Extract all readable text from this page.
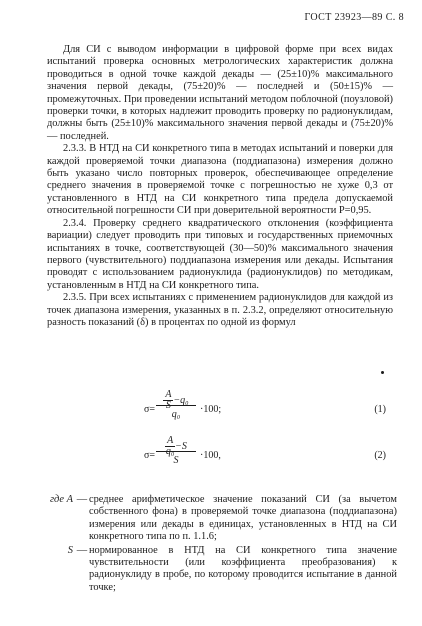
ГОСТ 23923—89 С. 8

Для СИ с выводом информации в цифровой форме при всех видах испытаний проверка основных метрологических характеристик должна проводиться в одной точке каждой декады — (25±10)% максимального значения первой декады, (75±20)% — последней и (50±15)% — промежуточных. При проведении испытаний методом поблочной (поузловой) проверки точки, в которых надлежит проводить проверку по радионуклидам, должны быть (25±10)% максимального значения первой декады и (75±20)% — последней.

2.3.3. В НТД на СИ конкретного типа в методах испытаний и поверки для каждой проверяемой точки диапазона (поддиапазона) измерения должно быть указано число повторных проверок, обеспечивающее определение среднего значения в проверяемой точке с погрешностью не хуже 0,3 от установленного в НТД на СИ конкретного типа предела допускаемой относительной погрешности СИ при доверительной вероятности P=0,95.

2.3.4. Проверку среднего квадратического отклонения (коэффициента вариации) следует проводить при типовых и государственных приемочных испытаниях в точке, соответствующей (30—50)% максимального значения первого (чувствительного) поддиапазона измерения или декады. Испытания проводят с использованием радионуклида (радионуклидов) по методикам, установленным в НТД на СИ конкретного типа.

2.3.5. При всех испытаниях с применением радионуклидов для каждой из точек диапазона измерения, указанных в п. 2.3.2, определяют относительную разность показаний (δ) в процентах по одной из формул

$\sigma= \frac{A}{S} -q_0$
q₀	·100;	(1)
$\sigma= \frac{A}{\text{q₀}} -S$
S	·100,	(2)
где A — среднее арифметическое значение показаний СИ (за вычетом собственного фона) в проверяемой точке диапазона (поддиапазона) измерения или декады в единицах, установленных в НТД на СИ конкретного типа по п. 1.1.6;
S — нормированное в НТД на СИ конкретного типа значение чувствительности (или коэффициента преобразования) к радионуклиду в пробе, по которому проводится испытание в данной точке;
